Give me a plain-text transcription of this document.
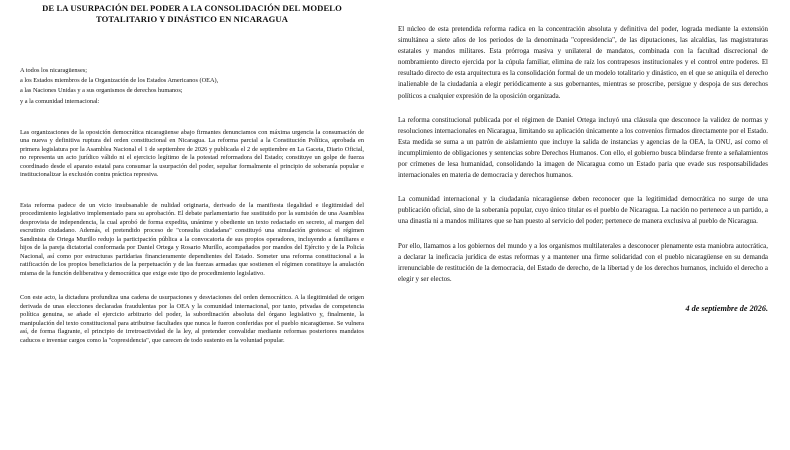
DE LA USURPACIÓN DEL PODER A LA CONSOLIDACIÓN DEL MODELO TOTALITARIO Y DINÁSTICO EN NICARAGUA

A todos los nicaragüenses;

a los Estados miembros de la Organización de los Estados Americanos (OEA),

a las Naciones Unidas y a sus organismos de derechos humanos;

y a la comunidad internacional:

Las organizaciones de la oposición democrática nicaragüense abajo firmantes denunciamos con máxima urgencia la consumación de una nueva y definitiva ruptura del orden constitucional en Nicaragua. La reforma parcial a la Constitución Política, aprobada en primera legislatura por la Asamblea Nacional el 1 de septiembre de 2026 y publicada el 2 de septiembre en La Gaceta, Diario Oficial, no representa un acto jurídico válido ni el ejercicio legítimo de la potestad reformadora del Estado; constituye un golpe de fuerza coordinado desde el aparato estatal para consumar la usurpación del poder, sepultar formalmente el principio de soberanía popular e institucionalizar la exclusión contra práctica represiva.

Esta reforma padece de un vicio insubsanable de nulidad originaria, derivado de la manifiesta ilegalidad e ilegitimidad del procedimiento legislativo implementado para su aprobación. El debate parlamentario fue sustituido por la sumisión de una Asamblea desprovista de independencia, la cual aprobó de forma expedita, unánime y obediente un texto redactado en secreto, al margen del escrutinio ciudadano. Además, el pretendido proceso de "consulta ciudadana" constituyó una simulación grotesca: el régimen Sandinista de Ortega Murillo redujo la participación pública a la convocatoria de sus propios operadores, incluyendo a familiares e hijos de la pareja dictatorial conformada por Daniel Ortega y Rosario Murillo, acompañados por mandos del Ejército y de la Policía Nacional, así como por estructuras partidarias financieramente dependientes del Estado. Someter una reforma constitucional a la ratificación de los propios beneficiarios de la perpetuación y de las fuerzas armadas que sostienen el régimen constituye la anulación misma de la función deliberativa y democrática que exige este tipo de procedimiento legislativo.

Con este acto, la dictadura profundiza una cadena de usurpaciones y desviaciones del orden democrático. A la ilegitimidad de origen derivada de unas elecciones declaradas fraudulentas por la OEA y la comunidad internacional, por tanto, privadas de competencia política genuina, se añade el ejercicio arbitrario del poder, la subordinación absoluta del órgano legislativo y, finalmente, la manipulación del texto constitucional para atribuirse facultades que nunca le fueron conferidas por el pueblo nicaragüense. Se vulnera así, de forma flagrante, el principio de irretroactividad de la ley, al pretender convalidar mediante reformas posteriores mandatos caducos e inventar cargos como la "copresidencia", que carecen de todo sustento en la voluntad popular.

El núcleo de esta pretendida reforma radica en la concentración absoluta y definitiva del poder, lograda mediante la extensión simultánea a siete años de los periodos de la denominada "copresidencia", de las diputaciones, las alcaldías, las magistraturas estatales y mandos militares. Esta prórroga masiva y unilateral de mandatos, combinada con la facultad discrecional de nombramiento directo ejercida por la cúpula familiar, elimina de raíz los contrapesos institucionales y el control entre poderes. El resultado directo de esta arquitectura es la consolidación formal de un modelo totalitario y dinástico, en el que se aniquila el derecho inalienable de la ciudadanía a elegir periódicamente a sus gobernantes, mientras se proscribe, persigue y despoja de sus derechos políticos a cualquier expresión de la oposición organizada.

La reforma constitucional publicada por el régimen de Daniel Ortega incluyó una cláusula que desconoce la validez de normas y resoluciones internacionales en Nicaragua, limitando su aplicación únicamente a los convenios firmados directamente por el Estado. Esta medida se suma a un patrón de aislamiento que incluye la salida de instancias y agencias de la OEA, la ONU, así como el incumplimiento de obligaciones y sentencias sobre Derechos Humanos. Con ello, el gobierno busca blindarse frente a señalamientos por crímenes de lesa humanidad, consolidando la imagen de Nicaragua como un Estado paria que evade sus responsabilidades internacionales en materia de democracia y derechos humanos.

La comunidad internacional y la ciudadanía nicaragüense deben reconocer que la legitimidad democrática no surge de una publicación oficial, sino de la soberanía popular, cuyo único titular es el pueblo de Nicaragua. La nación no pertenece a un partido, a una dinastía ni a mandos militares que se han puesto al servicio del poder; pertenece de manera exclusiva al pueblo de Nicaragua.

Por ello, llamamos a los gobiernos del mundo y a los organismos multilaterales a desconocer plenamente esta maniobra autocrática, a declarar la ineficacia jurídica de estas reformas y a mantener una firme solidaridad con el pueblo nicaragüense en su demanda irrenunciable de restitución de la democracia, del Estado de derecho, de la libertad y de los derechos humanos, incluido el derecho a elegir y ser electos.

4 de septiembre de 2026.
